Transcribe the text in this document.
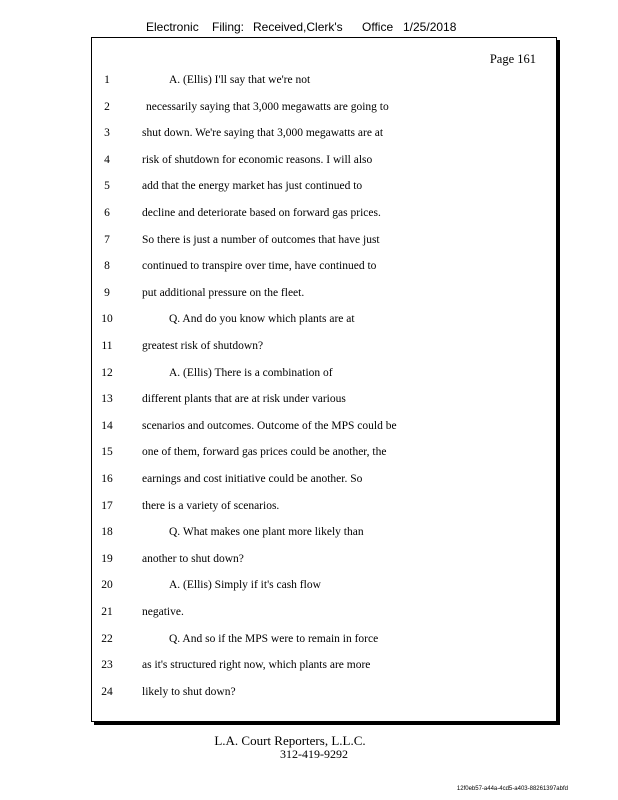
Electronic Filing: Received,Clerk's Office 1/25/2018
Page 161
1	A. (Ellis) I'll say that we're not
2	necessarily saying that 3,000 megawatts are going to
3	shut down. We're saying that 3,000 megawatts are at
4	risk of shutdown for economic reasons. I will also
5	add that the energy market has just continued to
6	decline and deteriorate based on forward gas prices.
7	So there is just a number of outcomes that have just
8	continued to transpire over time, have continued to
9	put additional pressure on the fleet.
10	Q. And do you know which plants are at
11	greatest risk of shutdown?
12	A. (Ellis) There is a combination of
13	different plants that are at risk under various
14	scenarios and outcomes. Outcome of the MPS could be
15	one of them, forward gas prices could be another, the
16	earnings and cost initiative could be another. So
17	there is a variety of scenarios.
18	Q. What makes one plant more likely than
19	another to shut down?
20	A. (Ellis) Simply if it's cash flow
21	negative.
22	Q. And so if the MPS were to remain in force
23	as it's structured right now, which plants are more
24	likely to shut down?
L.A. Court Reporters, L.L.C.
312-419-9292
12f0eb57-a44a-4cd5-a403-88261397abfd
